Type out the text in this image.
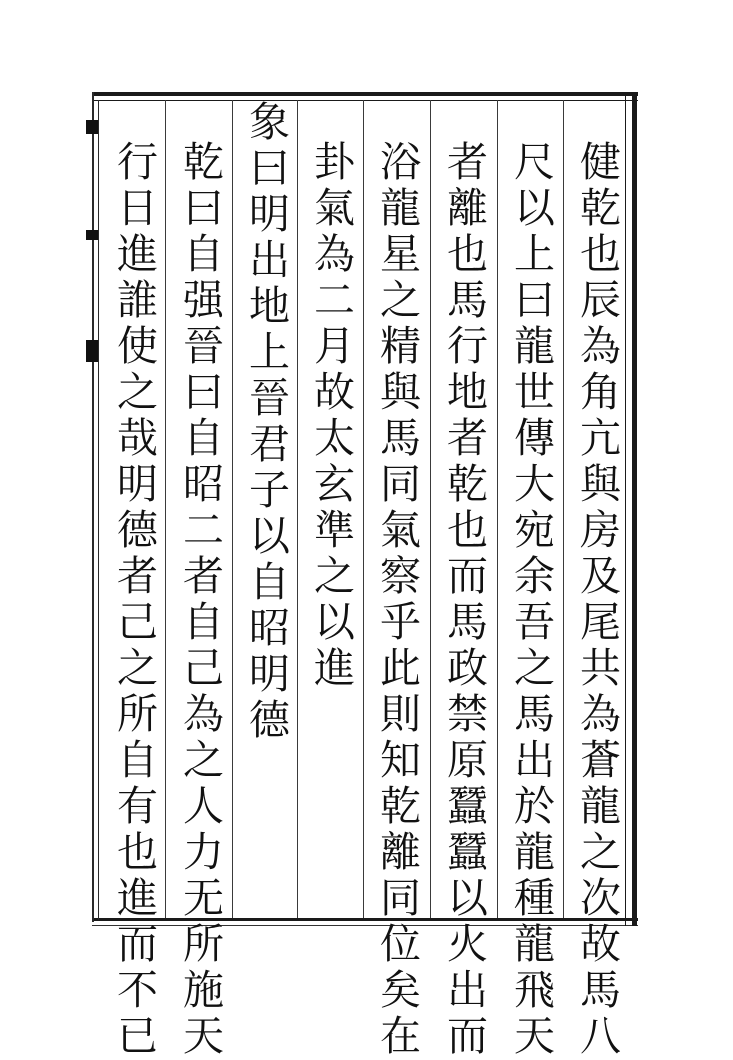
健乾也辰為角亢與房及尾共為蒼龍之次故馬八
尺以上曰龍世傳大宛余吾之馬出於龍種龍飛天
者離也馬行地者乾也而馬政禁原蠶蠶以火出而
浴龍星之精與馬同氣察乎此則知乾離同位矣在
卦氣為二月故太玄準之以進
象曰明出地上晉君子以自昭明德
乾曰自强晉曰自昭二者自己為之人力无所施天
行日進誰使之哉明德者己之所自有也進而不已
